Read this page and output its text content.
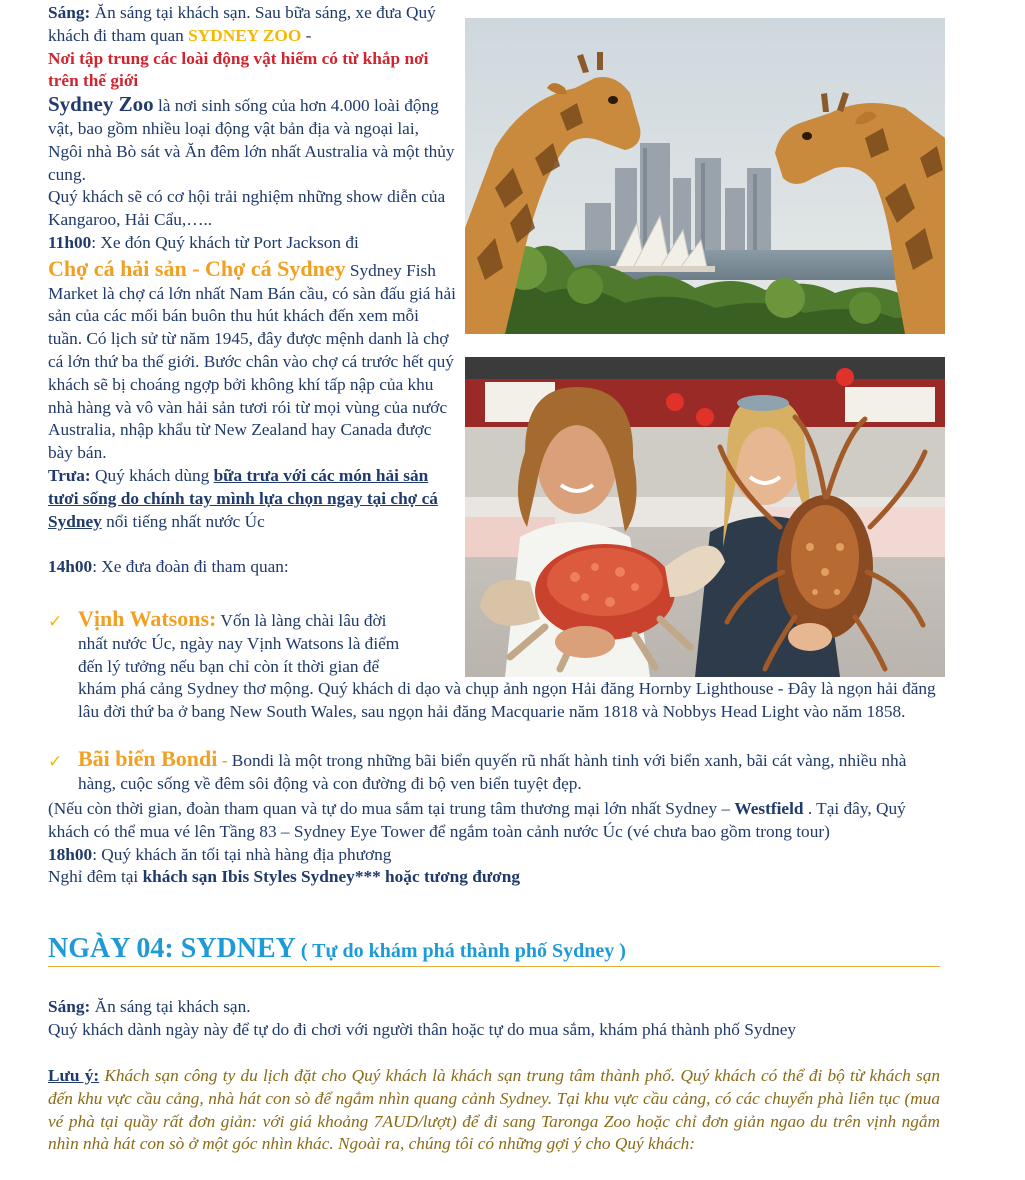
Sáng: Ăn sáng tại khách sạn. Sau bữa sáng, xe đưa Quý khách đi tham quan SYDNEY ZOO -

Nơi tập trung các loài động vật hiếm có từ khắp nơi trên thế giới

Sydney Zoo là nơi sinh sống của hơn 4.000 loài động vật, bao gồm nhiều loại động vật bản địa và ngoại lai, Ngôi nhà Bò sát và Ăn đêm lớn nhất Australia và một thủy cung.

Quý khách sẽ có cơ hội trải nghiệm những show diễn của Kangaroo, Hải Cẩu,…..

11h00: Xe đón Quý khách từ Port Jackson đi

Chợ cá hải sản - Chợ cá Sydney Sydney Fish Market là chợ cá lớn nhất Nam Bán cầu, có sàn đấu giá hải sản của các mối bán buôn thu hút khách đến xem mỗi tuần. Có lịch sử từ năm 1945, đây được mệnh danh là chợ cá lớn thứ ba thế giới. Bước chân vào chợ cá trước hết quý khách sẽ bị choáng ngợp bởi không khí tấp nập của khu nhà hàng và vô vàn hải sản tươi rói từ mọi vùng của nước Australia, nhập khẩu từ New Zealand hay Canada được bày bán.

Trưa: Quý khách dùng bữa trưa với các món hải sản tươi sống do chính tay mình lựa chọn ngay tại chợ cá Sydney nổi tiếng nhất nước Úc

14h00: Xe đưa đoàn đi tham quan:

✓ Vịnh Watsons: Vốn là làng chài lâu đời

nhất nước Úc, ngày nay Vịnh Watsons là điểm

đến lý tưởng nếu bạn chỉ còn ít thời gian để

khám phá cảng Sydney thơ mộng. Quý khách di dạo và chụp ảnh ngọn Hải đăng Hornby Lighthouse - Đây là ngọn hải đăng lâu đời thứ ba ở bang New South Wales, sau ngọn hải đăng Macquarie năm 1818 và Nobbys Head Light vào năm 1858.

✓ Bãi biển Bondi - Bondi là một trong những bãi biển quyến rũ nhất hành tinh với biển xanh, bãi cát vàng, nhiều nhà hàng, cuộc sống về đêm sôi động và con đường đi bộ ven biển tuyệt đẹp.

(Nếu còn thời gian, đoàn tham quan và tự do mua sắm tại trung tâm thương mại lớn nhất Sydney – Westfield . Tại đây, Quý khách có thể mua vé lên Tầng 83 – Sydney Eye Tower để ngắm toàn cảnh nước Úc (vé chưa bao gồm trong tour)

18h00: Quý khách ăn tối tại nhà hàng địa phương

Nghỉ đêm tại khách sạn Ibis Styles Sydney*** hoặc tương đương

NGÀY 04: SYDNEY ( Tự do khám phá thành phố Sydney )

Sáng: Ăn sáng tại khách sạn.

Quý khách dành ngày này để tự do đi chơi với người thân hoặc tự do mua sắm, khám phá thành phố Sydney

Lưu ý: Khách sạn công ty du lịch đặt cho Quý khách là khách sạn trung tâm thành phố. Quý khách có thể đi bộ từ khách sạn đến khu vực cầu cảng, nhà hát con sò để ngắm nhìn quang cảnh Sydney. Tại khu vực cầu cảng, có các chuyến phà liên tục (mua vé phà tại quầy rất đơn giản: với giá khoảng 7AUD/lượt) để đi sang Taronga Zoo hoặc chỉ đơn giản ngao du trên vịnh ngắm nhìn nhà hát con sò ở một góc nhìn khác. Ngoài ra, chúng tôi có những gợi ý cho Quý khách:
